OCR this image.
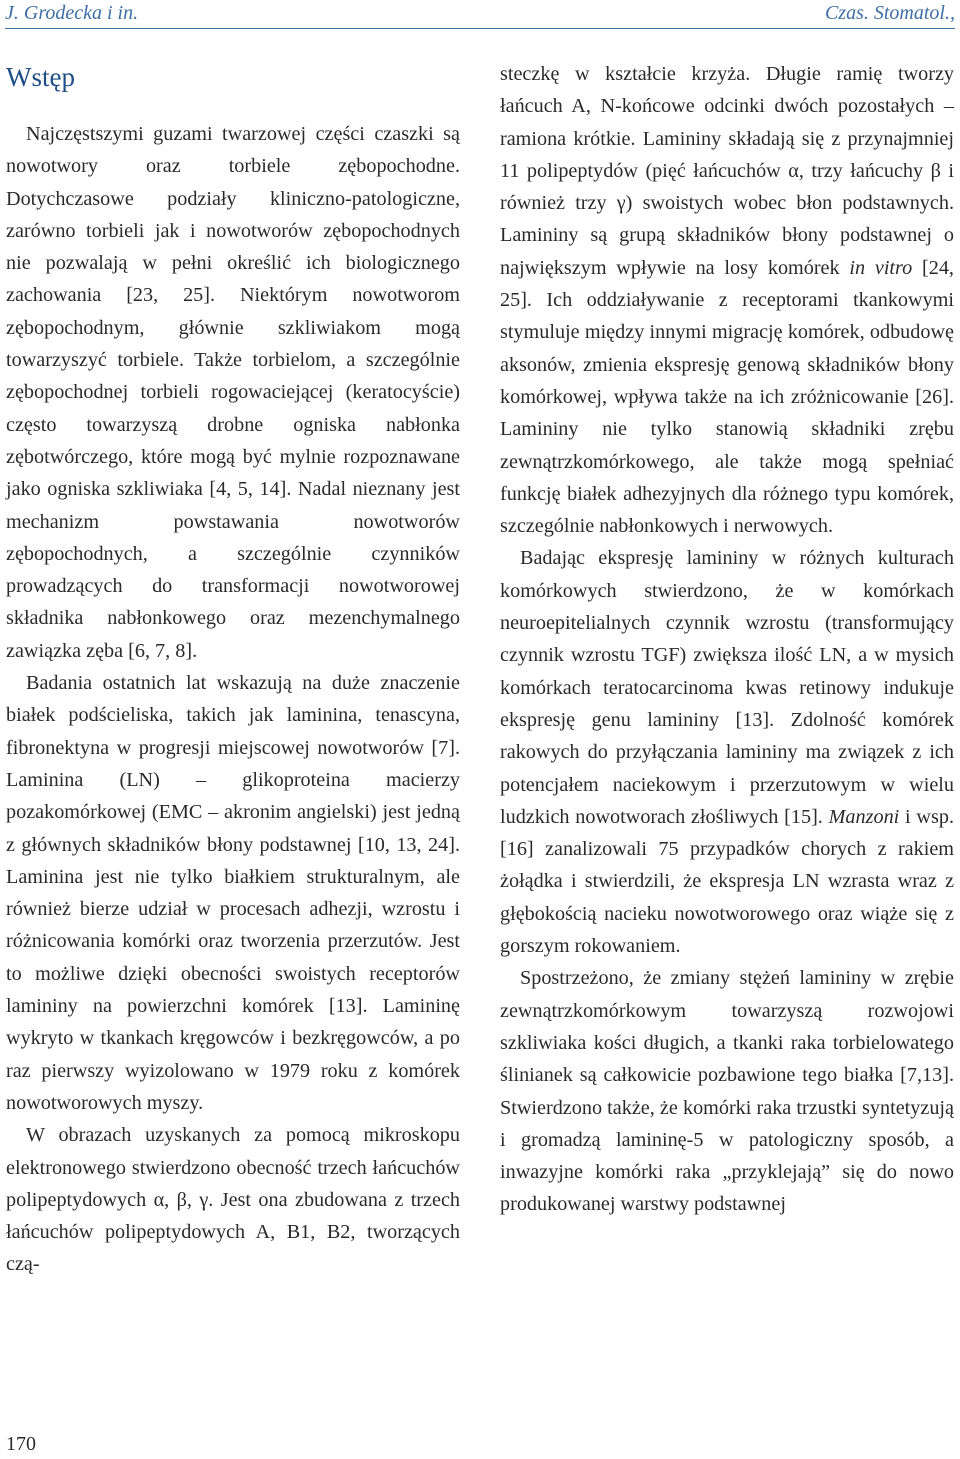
J. Grodecka i in.	Czas. Stomatol.,
Wstęp

Najczęstszymi guzami twarzowej części czaszki są nowotwory oraz torbiele zębopochodne. Dotychczasowe podziały kliniczno-patologiczne, zarówno torbieli jak i nowotworów zębopochodnych nie pozwalają w pełni określić ich biologicznego zachowania [23, 25]. Niektórym nowotworom zębopochodnym, głównie szkliwiakom mogą towarzyszyć torbiele. Także torbielom, a szczególnie zębopochodnej torbieli rogowaciejącej (keratocyście) często towarzyszą drobne ogniska nabłonka zębotwórczego, które mogą być mylnie rozpoznawane jako ogniska szkliwiaka [4, 5, 14]. Nadal nieznany jest mechanizm powstawania nowotworów zębopochodnych, a szczególnie czynników prowadzących do transformacji nowotworowej składnika nabłonkowego oraz mezenchymalnego zawiązka zęba [6, 7, 8].

Badania ostatnich lat wskazują na duże znaczenie białek podścieliska, takich jak laminina, tenascyna, fibronektyna w progresji miejscowej nowotworów [7]. Laminina (LN) – glikoproteina macierzy pozakomórkowej (EMC – akronim angielski) jest jedną z głównych składników błony podstawnej [10, 13, 24]. Laminina jest nie tylko białkiem strukturalnym, ale również bierze udział w procesach adhezji, wzrostu i różnicowania komórki oraz tworzenia przerzutów. Jest to możliwe dzięki obecności swoistych receptorów lamininy na powierzchni komórek [13]. Lamininę wykryto w tkankach kręgowców i bezkręgowców, a po raz pierwszy wyizolowano w 1979 roku z komórek nowotworowych myszy.

W obrazach uzyskanych za pomocą mikroskopu elektronowego stwierdzono obecność trzech łańcuchów polipeptydowych α, β, γ. Jest ona zbudowana z trzech łańcuchów polipeptydowych A, B1, B2, tworzących czą-

steczkę w kształcie krzyża. Długie ramię tworzy łańcuch A, N-końcowe odcinki dwóch pozostałych – ramiona krótkie. Lamininy składają się z przynajmniej 11 polipeptydów (pięć łańcuchów α, trzy łańcuchy β i również trzy γ) swoistych wobec błon podstawnych. Lamininy są grupą składników błony podstawnej o największym wpływie na losy komórek in vitro [24, 25]. Ich oddziaływanie z receptorami tkankowymi stymuluje między innymi migrację komórek, odbudowę aksonów, zmienia ekspresję genową składników błony komórkowej, wpływa także na ich zróżnicowanie [26]. Lamininy nie tylko stanowią składniki zrębu zewnątrzkomórkowego, ale także mogą spełniać funkcję białek adhezyjnych dla różnego typu komórek, szczególnie nabłonkowych i nerwowych.

Badając ekspresję lamininy w różnych kulturach komórkowych stwierdzono, że w komórkach neuroepitelialnych czynnik wzrostu (transformujący czynnik wzrostu TGF) zwiększa ilość LN, a w mysich komórkach teratocarcinoma kwas retinowy indukuje ekspresję genu lamininy [13]. Zdolność komórek rakowych do przyłączania lamininy ma związek z ich potencjałem naciekowym i przerzutowym w wielu ludzkich nowotworach złośliwych [15]. Manzoni i wsp. [16] zanalizowali 75 przypadków chorych z rakiem żołądka i stwierdzili, że ekspresja LN wzrasta wraz z głębokością nacieku nowotworowego oraz wiąże się z gorszym rokowaniem.

Spostrzeżono, że zmiany stężeń lamininy w zrębie zewnątrzkomórkowym towarzyszą rozwojowi szkliwiaka kości długich, a tkanki raka torbielowatego ślinianek są całkowicie pozbawione tego białka [7,13]. Stwierdzono także, że komórki raka trzustki syntetyzują i gromadzą lamininę-5 w patologiczny sposób, a inwazyjne komórki raka „przyklejają” się do nowo produkowanej warstwy podstawnej

170
